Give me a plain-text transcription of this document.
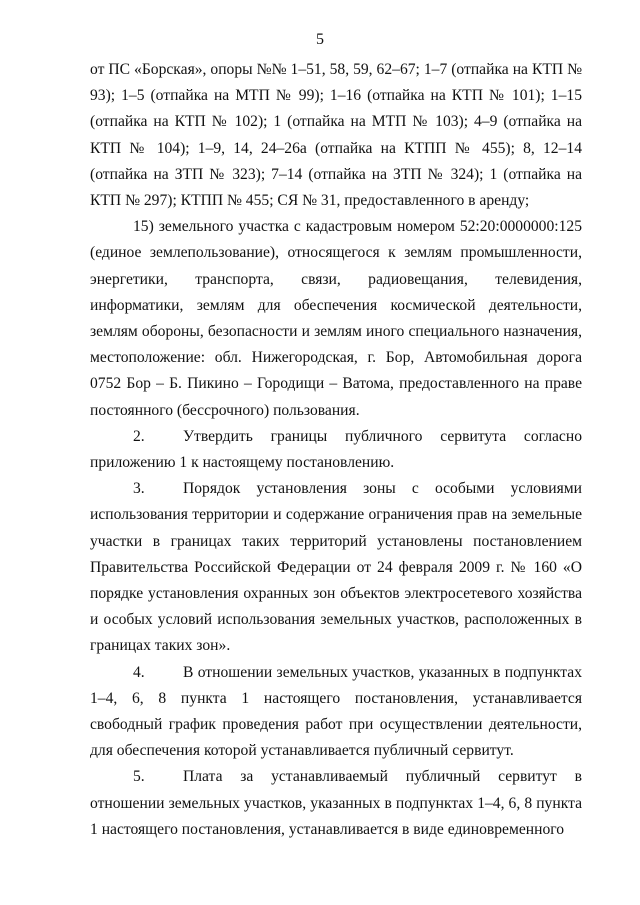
5

от ПС «Борская», опоры №№ 1–51, 58, 59, 62–67; 1–7 (отпайка на КТП № 93); 1–5 (отпайка на МТП № 99); 1–16 (отпайка на КТП № 101); 1–15 (отпайка на КТП № 102); 1 (отпайка на МТП № 103); 4–9 (отпайка на КТП № 104); 1–9, 14, 24–26а (отпайка на КТПП № 455); 8, 12–14 (отпайка на ЗТП № 323); 7–14 (отпайка на ЗТП № 324); 1 (отпайка на КТП № 297); КТПП № 455; СЯ № 31, предоставленного в аренду;

15) земельного участка с кадастровым номером 52:20:0000000:125 (единое землепользование), относящегося к землям промышленности, энергетики, транспорта, связи, радиовещания, телевидения, информатики, землям для обеспечения космической деятельности, землям обороны, безопасности и землям иного специального назначения, местоположение: обл. Нижегородская, г. Бор, Автомобильная дорога 0752 Бор – Б. Пикино – Городищи – Ватома, предоставленного на праве постоянного (бессрочного) пользования.

2. Утвердить границы публичного сервитута согласно приложению 1 к настоящему постановлению.

3. Порядок установления зоны с особыми условиями использования территории и содержание ограничения прав на земельные участки в границах таких территорий установлены постановлением Правительства Российской Федерации от 24 февраля 2009 г. № 160 «О порядке установления охранных зон объектов электросетевого хозяйства и особых условий использования земельных участков, расположенных в границах таких зон».

4. В отношении земельных участков, указанных в подпунктах 1–4, 6, 8 пункта 1 настоящего постановления, устанавливается свободный график проведения работ при осуществлении деятельности, для обеспечения которой устанавливается публичный сервитут.

5. Плата за устанавливаемый публичный сервитут в отношении земельных участков, указанных в подпунктах 1–4, 6, 8 пункта 1 настоящего постановления, устанавливается в виде единовременного
